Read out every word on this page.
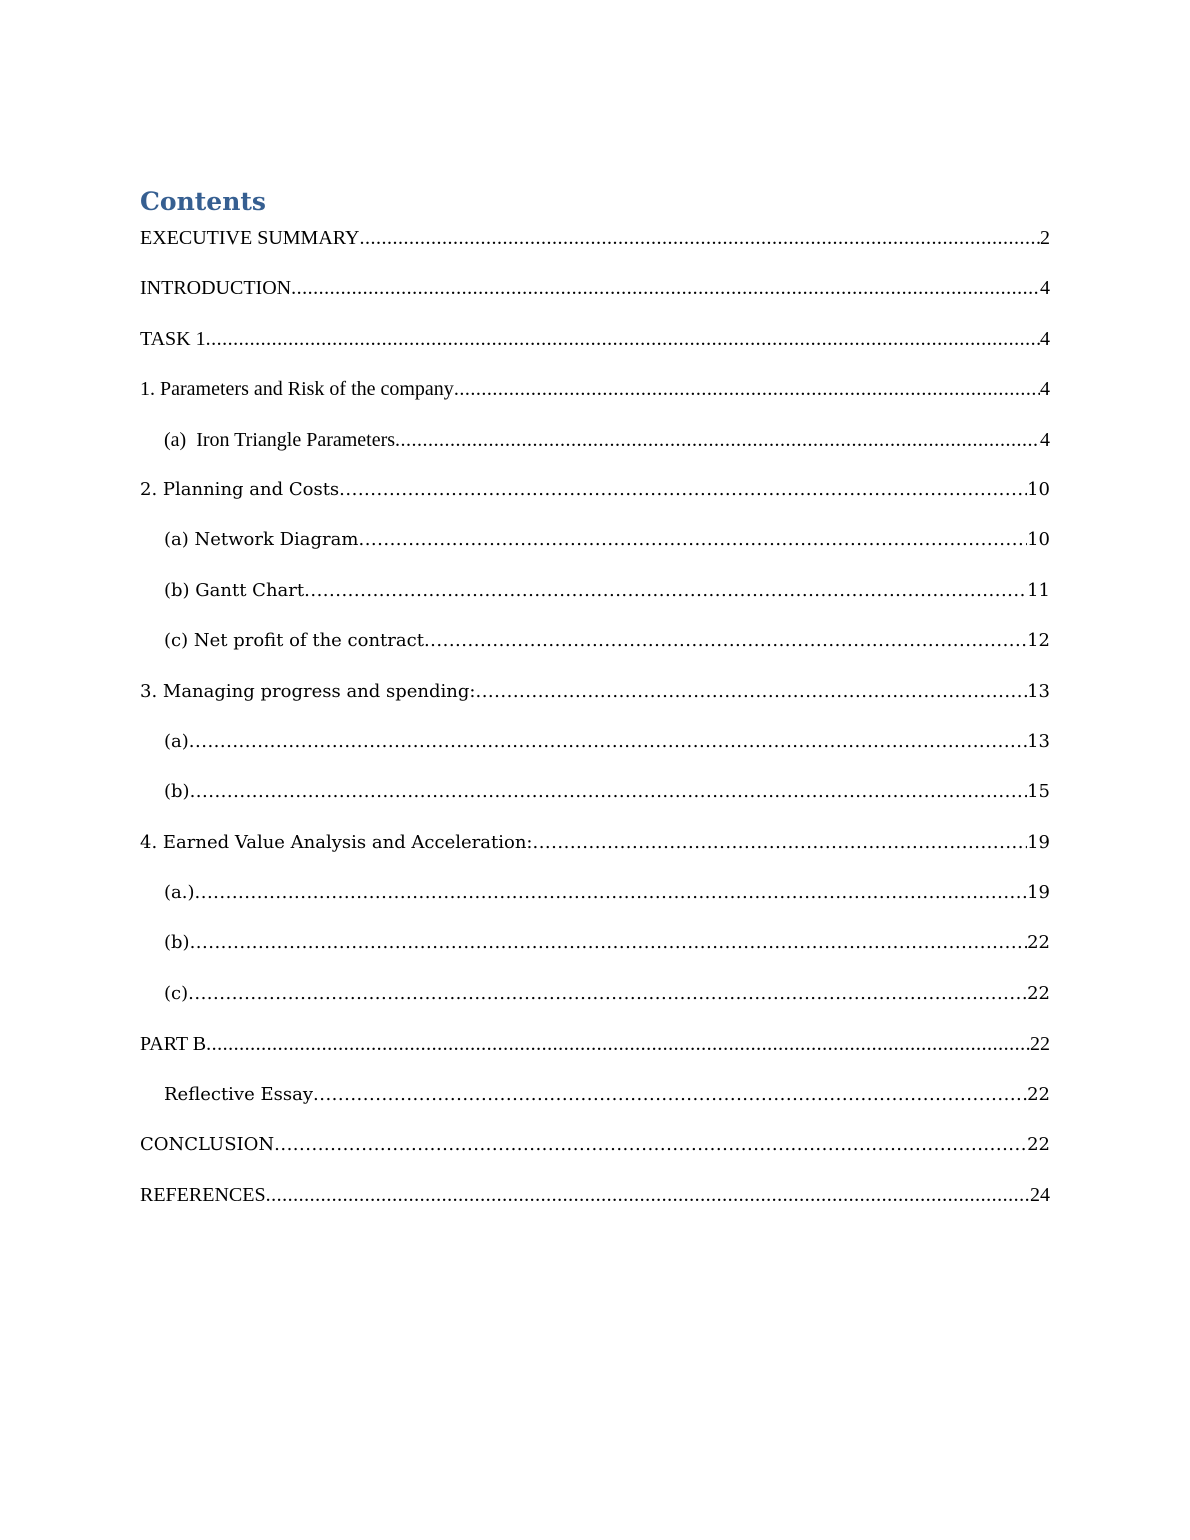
Contents
EXECUTIVE SUMMARY .....	2
INTRODUCTION .....	4
TASK 1 .....	4
1. Parameters and Risk of the company .....	4
(a)  Iron Triangle Parameters .....	4
2. Planning and Costs .....	10
(a) Network Diagram .....	10
(b) Gantt Chart .....	11
(c) Net profit of the contract .....	12
3. Managing progress and spending: .....	13
(a) .....	13
(b) .....	15
4. Earned Value Analysis and Acceleration: .....	19
(a.) .....	19
(b) .....	22
(c) .....	22
PART B .....	22
Reflective Essay .....	22
CONCLUSION .....	22
REFERENCES .....	24
